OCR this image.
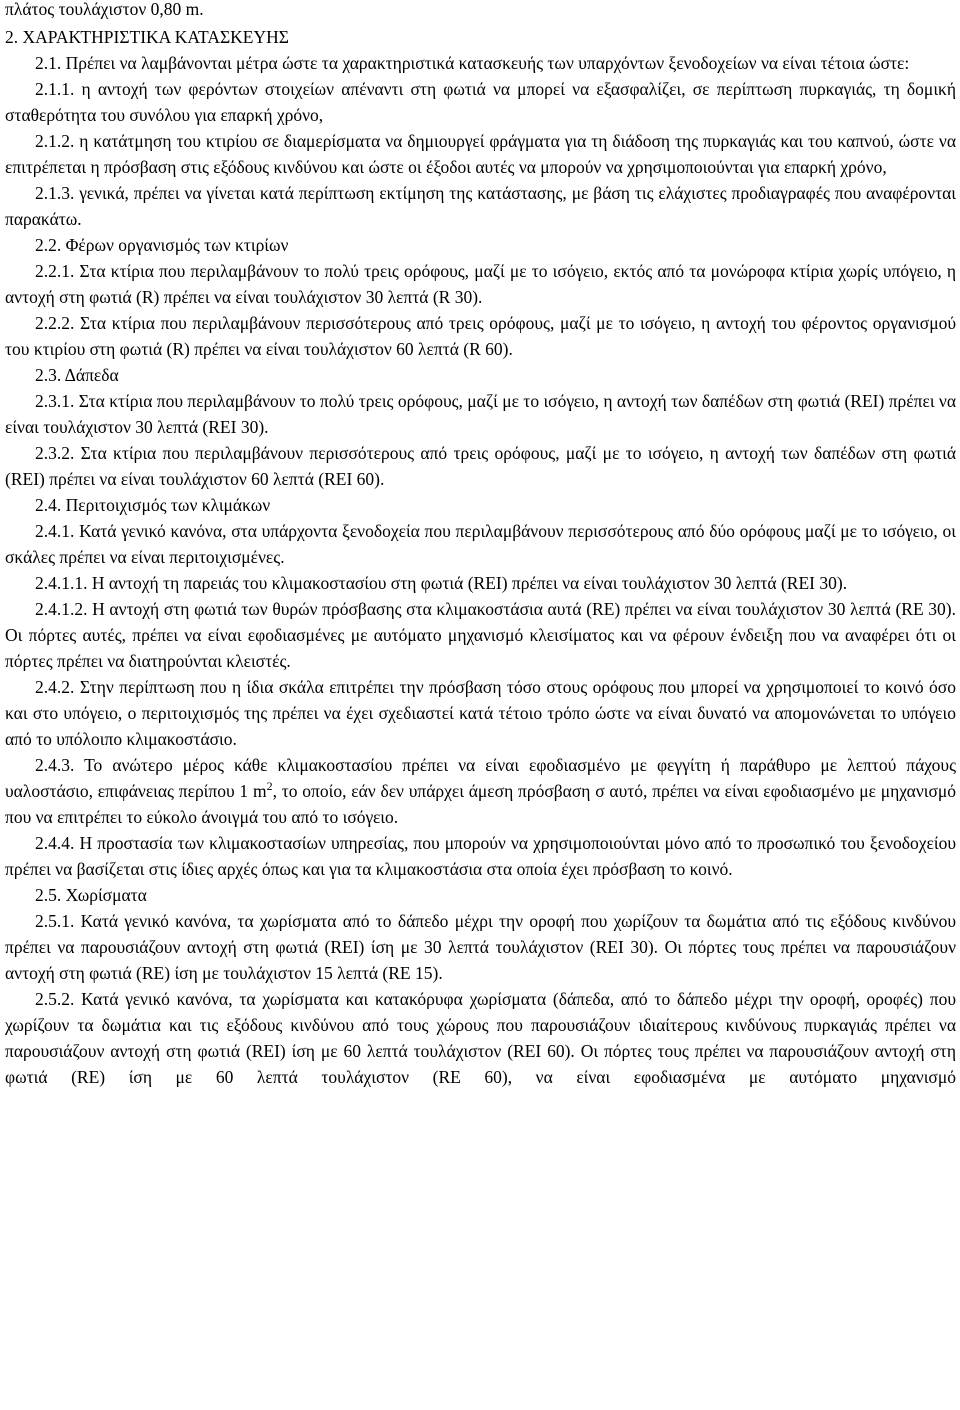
πλάτος τουλάχιστον 0,80 m.

2. ΧΑΡΑΚΤΗΡΙΣΤΙΚΑ ΚΑΤΑΣΚΕΥΗΣ

2.1. Πρέπει να λαμβάνονται μέτρα ώστε τα χαρακτηριστικά κατασκευής των υπαρχόντων ξενοδοχείων να είναι τέτοια ώστε:

2.1.1. η αντοχή των φερόντων στοιχείων απέναντι στη φωτιά να μπορεί να εξασφαλίζει, σε περίπτωση πυρκαγιάς, τη δομική σταθερότητα του συνόλου για επαρκή χρόνο,

2.1.2. η κατάτμηση του κτιρίου σε διαμερίσματα να δημιουργεί φράγματα για τη διάδοση της πυρκαγιάς και του καπνού, ώστε να επιτρέπεται η πρόσβαση στις εξόδους κινδύνου και ώστε οι έξοδοι αυτές να μπορούν να χρησιμοποιούνται για επαρκή χρόνο,

2.1.3. γενικά, πρέπει να γίνεται κατά περίπτωση εκτίμηση της κατάστασης, με βάση τις ελάχιστες προδιαγραφές που αναφέρονται παρακάτω.

2.2. Φέρων οργανισμός των κτιρίων

2.2.1. Στα κτίρια που περιλαμβάνουν το πολύ τρεις ορόφους, μαζί με το ισόγειο, εκτός από τα μονώροφα κτίρια χωρίς υπόγειο, η αντοχή στη φωτιά (R) πρέπει να είναι τουλάχιστον 30 λεπτά (R 30).

2.2.2. Στα κτίρια που περιλαμβάνουν περισσότερους από τρεις ορόφους, μαζί με το ισόγειο, η αντοχή του φέροντος οργανισμού του κτιρίου στη φωτιά (R) πρέπει να είναι τουλάχιστον 60 λεπτά (R 60).

2.3. Δάπεδα

2.3.1. Στα κτίρια που περιλαμβάνουν το πολύ τρεις ορόφους, μαζί με το ισόγειο, η αντοχή των δαπέδων στη φωτιά (REI) πρέπει να είναι τουλάχιστον 30 λεπτά (REI 30).

2.3.2. Στα κτίρια που περιλαμβάνουν περισσότερους από τρεις ορόφους, μαζί με το ισόγειο, η αντοχή των δαπέδων στη φωτιά (REI) πρέπει να είναι τουλάχιστον 60 λεπτά (REI 60).

2.4. Περιτοιχισμός των κλιμάκων

2.4.1. Κατά γενικό κανόνα, στα υπάρχοντα ξενοδοχεία που περιλαμβάνουν περισσότερους από δύο ορόφους μαζί με το ισόγειο, οι σκάλες πρέπει να είναι περιτοιχισμένες.

2.4.1.1. Η αντοχή τη παρειάς του κλιμακοστασίου στη φωτιά (REI) πρέπει να είναι τουλάχιστον 30 λεπτά (REI 30).

2.4.1.2. Η αντοχή στη φωτιά των θυρών πρόσβασης στα κλιμακοστάσια αυτά (RE) πρέπει να είναι τουλάχιστον 30 λεπτά (RE 30). Οι πόρτες αυτές, πρέπει να είναι εφοδιασμένες με αυτόματο μηχανισμό κλεισίματος και να φέρουν ένδειξη που να αναφέρει ότι οι πόρτες πρέπει να διατηρούνται κλειστές.

2.4.2. Στην περίπτωση που η ίδια σκάλα επιτρέπει την πρόσβαση τόσο στους ορόφους που μπορεί να χρησιμοποιεί το κοινό όσο και στο υπόγειο, ο περιτοιχισμός της πρέπει να έχει σχεδιαστεί κατά τέτοιο τρόπο ώστε να είναι δυνατό να απομονώνεται το υπόγειο από το υπόλοιπο κλιμακοστάσιο.

2.4.3. Το ανώτερο μέρος κάθε κλιμακοστασίου πρέπει να είναι εφοδιασμένο με φεγγίτη ή παράθυρο με λεπτού πάχους υαλοστάσιο, επιφάνειας περίπου 1 $m^2$, το οποίο, εάν δεν υπάρχει άμεση πρόσβαση σ αυτό, πρέπει να είναι εφοδιασμένο με μηχανισμό που να επιτρέπει το εύκολο άνοιγμά του από το ισόγειο.

2.4.4. Η προστασία των κλιμακοστασίων υπηρεσίας, που μπορούν να χρησιμοποιούνται μόνο από το προσωπικό του ξενοδοχείου πρέπει να βασίζεται στις ίδιες αρχές όπως και για τα κλιμακοστάσια στα οποία έχει πρόσβαση το κοινό.

2.5. Χωρίσματα

2.5.1. Κατά γενικό κανόνα, τα χωρίσματα από το δάπεδο μέχρι την οροφή που χωρίζουν τα δωμάτια από τις εξόδους κινδύνου πρέπει να παρουσιάζουν αντοχή στη φωτιά (REI) ίση με 30 λεπτά τουλάχιστον (REI 30). Οι πόρτες τους πρέπει να παρουσιάζουν αντοχή στη φωτιά (RE) ίση με τουλάχιστον 15 λεπτά (RE 15).

2.5.2. Κατά γενικό κανόνα, τα χωρίσματα και κατακόρυφα χωρίσματα (δάπεδα, από το δάπεδο μέχρι την οροφή, οροφές) που χωρίζουν τα δωμάτια και τις εξόδους κινδύνου από τους χώρους που παρουσιάζουν ιδιαίτερους κινδύνους πυρκαγιάς πρέπει να παρουσιάζουν αντοχή στη φωτιά (REI) ίση με 60 λεπτά τουλάχιστον (REI 60). Οι πόρτες τους πρέπει να παρουσιάζουν αντοχή στη φωτιά (RE) ίση με 60 λεπτά τουλάχιστον (RE 60), να είναι εφοδιασμένα με αυτόματο μηχανισμό
